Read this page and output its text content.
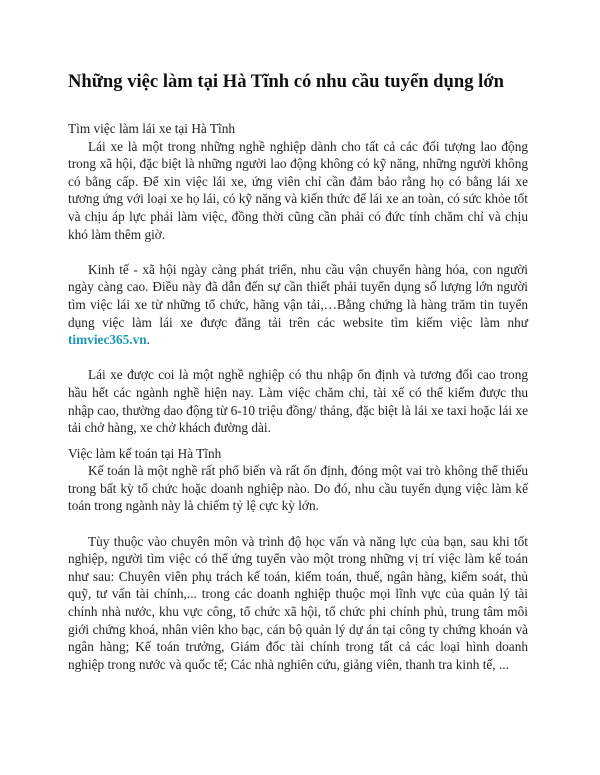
Những việc làm tại Hà Tĩnh có nhu cầu tuyển dụng lớn

Tìm việc làm lái xe tại Hà Tĩnh

Lái xe là một trong những nghề nghiệp dành cho tất cả các đối tượng lao động trong xã hội, đặc biệt là những người lao động không có kỹ năng, những người không có bằng cấp. Để xin việc lái xe, ứng viên chỉ cần đảm bảo rằng họ có bằng lái xe tương ứng với loại xe họ lái, có kỹ năng và kiến thức để lái xe an toàn, có sức khỏe tốt và chịu áp lực phải làm việc, đồng thời cũng cần phải có đức tính chăm chỉ và chịu khó làm thêm giờ.

Kinh tế - xã hội ngày càng phát triển, nhu cầu vận chuyển hàng hóa, con người ngày càng cao. Điều này đã dẫn đến sự cần thiết phải tuyển dụng số lượng lớn người tìm việc lái xe từ những tổ chức, hãng vận tải,…Bằng chứng là hàng trăm tin tuyển dụng việc làm lái xe được đăng tải trên các website tìm kiếm việc làm như timviec365.vn.

Lái xe được coi là một nghề nghiệp có thu nhập ổn định và tương đối cao trong hầu hết các ngành nghề hiện nay. Làm việc chăm chỉ, tài xế có thể kiếm được thu nhập cao, thường dao động từ 6-10 triệu đồng/ tháng, đặc biệt là lái xe taxi hoặc lái xe tải chở hàng, xe chở khách đường dài.

Việc làm kế toán tại Hà Tĩnh

Kế toán là một nghề rất phổ biến và rất ổn định, đóng một vai trò không thể thiếu trong bất kỳ tổ chức hoặc doanh nghiệp nào. Do đó, nhu cầu tuyển dụng việc làm kế toán trong ngành này là chiếm tỷ lệ cực kỳ lớn.

Tùy thuộc vào chuyên môn và trình độ học vấn và năng lực của bạn, sau khi tốt nghiệp, người tìm việc có thể ứng tuyển vào một trong những vị trí việc làm kế toán như sau: Chuyên viên phụ trách kế toán, kiểm toán, thuế, ngân hàng, kiểm soát, thủ quỹ, tư vấn tài chính,... trong các doanh nghiệp thuộc mọi lĩnh vực của quản lý tài chính nhà nước, khu vực công, tổ chức xã hội, tổ chức phi chính phủ, trung tâm môi giới chứng khoá, nhân viên kho bạc, cán bộ quản lý dự án tại công ty chứng khoán và ngân hàng; Kế toán trưởng, Giám đốc tài chính trong tất cả các loại hình doanh nghiệp trong nước và quốc tế; Các nhà nghiên cứu, giảng viên, thanh tra kinh tế, ...
